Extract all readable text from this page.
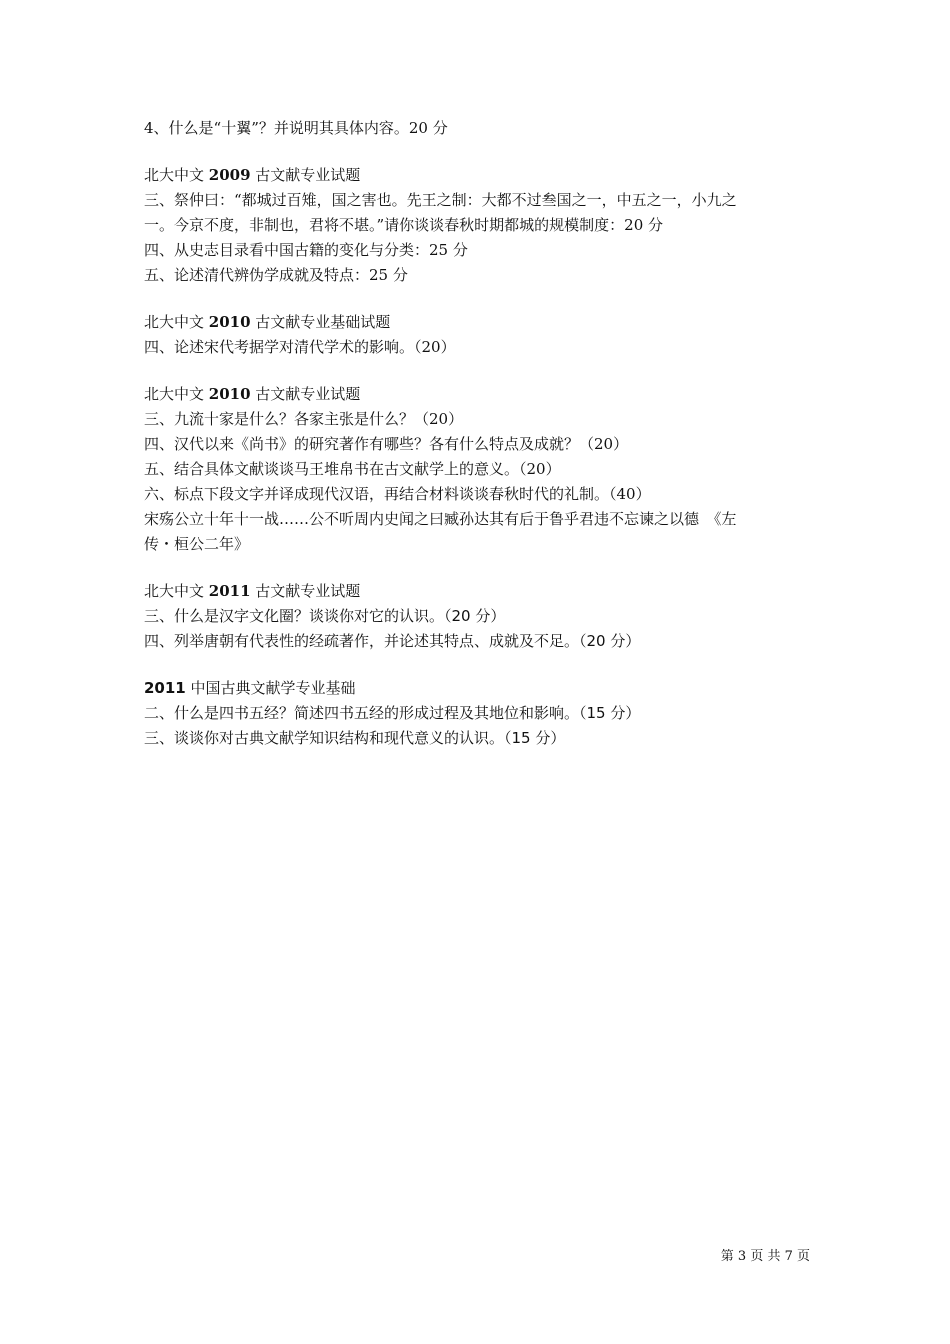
4、什么是“十翼”？并说明其具体内容。20 分

北大中文 2009 古文献专业试题

三、祭仲曰：“都城过百雉，国之害也。先王之制：大都不过叁国之一，中五之一，小九之

一。今京不度，非制也，君将不堪。”请你谈谈春秋时期都城的规模制度：20 分

四、从史志目录看中国古籍的变化与分类：25 分

五、论述清代辨伪学成就及特点：25 分

北大中文 2010 古文献专业基础试题

四、论述宋代考据学对清代学术的影响。（20）

北大中文 2010 古文献专业试题

三、九流十家是什么？各家主张是什么？（20）

四、汉代以来《尚书》的研究著作有哪些？各有什么特点及成就？（20）

五、结合具体文献谈谈马王堆帛书在古文献学上的意义。（20）

六、标点下段文字并译成现代汉语，再结合材料谈谈春秋时代的礼制。（40）

宋殇公立十年十一战……公不听周内史闻之曰臧孙达其有后于鲁乎君违不忘谏之以德　《左

传・桓公二年》

北大中文 2011 古文献专业试题

三、什么是汉字文化圈？谈谈你对它的认识。（20 分）

四、列举唐朝有代表性的经疏著作，并论述其特点、成就及不足。（20 分）

2011 中国古典文献学专业基础

二、什么是四书五经？简述四书五经的形成过程及其地位和影响。（15 分）

三、谈谈你对古典文献学知识结构和现代意义的认识。（15 分）

第 3 页 共 7 页
